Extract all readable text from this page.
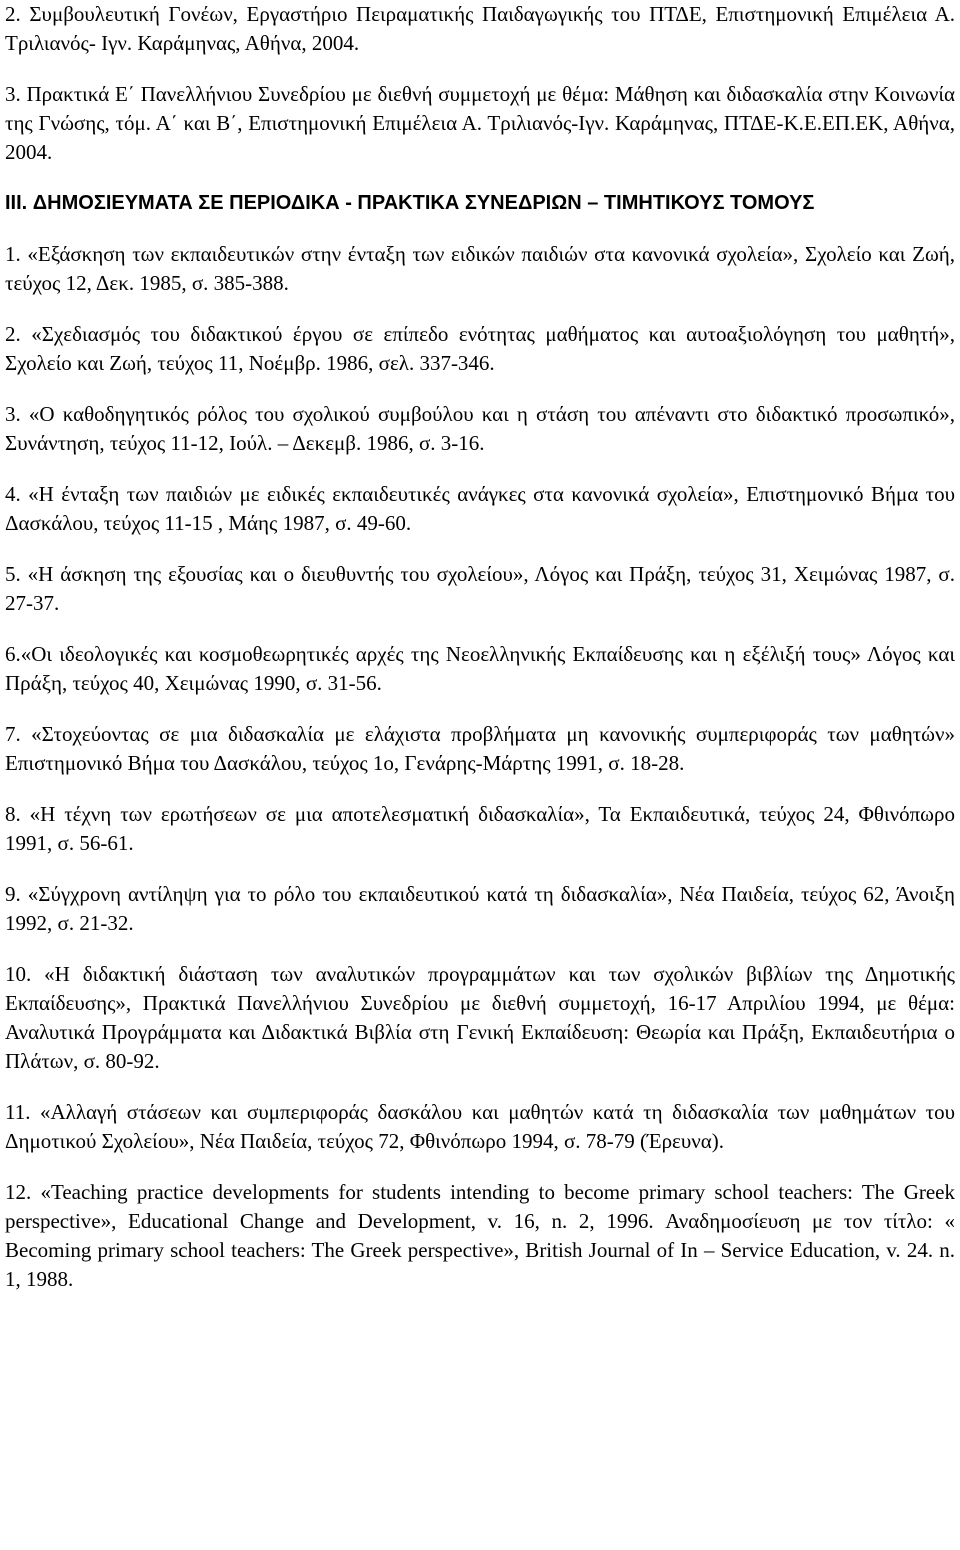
2. Συμβουλευτική Γονέων, Εργαστήριο Πειραματικής Παιδαγωγικής του ΠΤΔΕ, Επιστημονική Επιμέλεια Α. Τριλιανός- Ιγν. Καράμηνας, Αθήνα, 2004.

3. Πρακτικά Ε΄ Πανελλήνιου Συνεδρίου με διεθνή συμμετοχή με θέμα: Μάθηση και διδασκαλία στην Κοινωνία της Γνώσης, τόμ. Α΄ και Β΄, Επιστημονική Επιμέλεια Α. Τριλιανός-Ιγν. Καράμηνας, ΠΤΔΕ-Κ.Ε.ΕΠ.ΕΚ, Αθήνα, 2004.

III. ΔΗΜΟΣΙΕΥΜΑΤΑ ΣΕ ΠΕΡΙΟΔΙΚΑ - ΠΡΑΚΤΙΚΑ ΣΥΝΕΔΡΙΩΝ – ΤΙΜΗΤΙΚΟΥΣ ΤΟΜΟΥΣ

1. «Εξάσκηση των εκπαιδευτικών στην ένταξη των ειδικών παιδιών στα κανονικά σχολεία», Σχολείο και Ζωή, τεύχος 12, Δεκ. 1985, σ. 385-388.

2. «Σχεδιασμός του διδακτικού έργου σε επίπεδο ενότητας μαθήματος και αυτοαξιολόγηση του μαθητή», Σχολείο και Ζωή, τεύχος 11, Νοέμβρ. 1986, σελ. 337-346.

3. «Ο καθοδηγητικός ρόλος του σχολικού συμβούλου και η στάση του απέναντι στο διδακτικό προσωπικό», Συνάντηση, τεύχος 11-12, Ιούλ. – Δεκεμβ. 1986, σ. 3-16.

4. «Η ένταξη των παιδιών με ειδικές εκπαιδευτικές ανάγκες στα κανονικά σχολεία», Επιστημονικό Βήμα του Δασκάλου, τεύχος 11-15 , Μάης 1987, σ. 49-60.

5. «Η άσκηση της εξουσίας και ο διευθυντής του σχολείου», Λόγος και Πράξη, τεύχος 31, Χειμώνας 1987, σ. 27-37.

6.«Οι ιδεολογικές και κοσμοθεωρητικές αρχές της Νεοελληνικής Εκπαίδευσης και η εξέλιξή τους» Λόγος και Πράξη, τεύχος 40, Χειμώνας 1990, σ. 31-56.

7. «Στοχεύοντας σε μια διδασκαλία με ελάχιστα προβλήματα μη κανονικής συμπεριφοράς των μαθητών» Επιστημονικό Βήμα του Δασκάλου, τεύχος 1ο, Γενάρης-Μάρτης 1991, σ. 18-28.

8. «Η τέχνη των ερωτήσεων σε μια αποτελεσματική διδασκαλία», Τα Εκπαιδευτικά, τεύχος 24, Φθινόπωρο 1991, σ. 56-61.

9. «Σύγχρονη αντίληψη για το ρόλο του εκπαιδευτικού κατά τη διδασκαλία», Νέα Παιδεία, τεύχος 62, Άνοιξη 1992, σ. 21-32.

10. «Η διδακτική διάσταση των αναλυτικών προγραμμάτων και των σχολικών βιβλίων της Δημοτικής Εκπαίδευσης», Πρακτικά Πανελλήνιου Συνεδρίου με διεθνή συμμετοχή, 16-17 Απριλίου 1994, με θέμα: Αναλυτικά Προγράμματα και Διδακτικά Βιβλία στη Γενική Εκπαίδευση: Θεωρία και Πράξη, Εκπαιδευτήρια ο Πλάτων, σ. 80-92.

11. «Αλλαγή στάσεων και συμπεριφοράς δασκάλου και μαθητών κατά τη διδασκαλία των μαθημάτων του Δημοτικού Σχολείου», Νέα Παιδεία, τεύχος 72, Φθινόπωρο 1994, σ. 78-79 (Έρευνα).

12. «Teaching practice developments for students intending to become primary school teachers: The Greek perspective», Educational Change and Development, v. 16, n. 2, 1996. Αναδημοσίευση με τον τίτλο: « Becoming primary school teachers: The Greek perspective», British Journal of In – Service Education, v. 24. n. 1, 1988.
